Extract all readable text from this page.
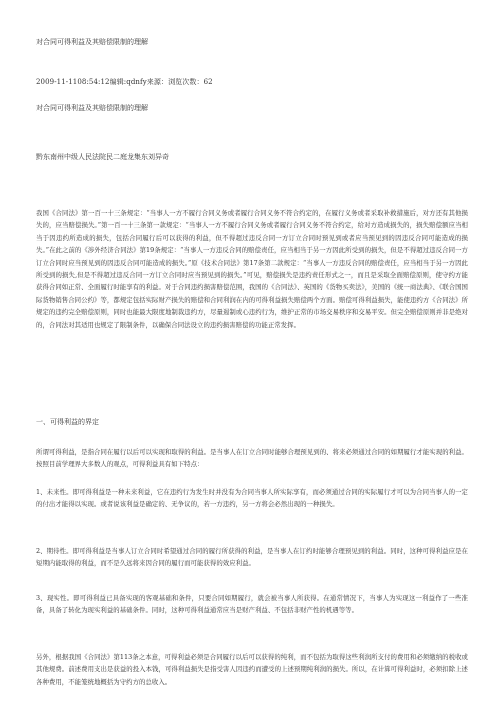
对合同可得利益及其赔偿限制的理解
2009-11-1108:54:12编辑:qdnfy来源：浏览次数：62
对合同可得利益及其赔偿限制的理解
黔东南州中级人民法院民二庭龙集东刘异奇
我国《合同法》第一百一十三条规定：“当事人一方不履行合同义务或者履行合同义务不符合约定的，在履行义务或者采取补救措施后，对方还有其他损失的，应当赔偿损失。”第一百一十三条第一款规定：“当事人一方不履行合同义务或者履行合同义务不符合约定，给对方造成损失的，损失赔偿额应当相当于因违约所造成的损失，包括合同履行后可以获得的利益，但不得超过违反合同一方订立合同时预见到或者应当预见到的因违反合同可能造成的损失。”在此之前的《涉外经济合同法》第19条规定：“当事人一方违反合同的赔偿责任，应当相当于另一方因此所受到的损失，但是不得超过违反合同一方订立合同时应当预见到的因违反合同可能造成的损失。”原《技术合同法》第17条第二款规定：“当事人一方违反合同的赔偿责任，应当相当于另一方因此所受到的损失,但是不得超过违反合同一方订立合同时应当预见到的损失。”可见，赔偿损失是违约责任形式之一，而且是采取全面赔偿原则，使守约方能获得合同如正常、全面履行时能享有的利益。对于合同违约损害赔偿范围，我国的《合同法》、英国的《货物买卖法》，美国的《统一商法典》、《联合国国际货物销售合同公约》等，都规定包括实际财产损失的赔偿和合同利润在内的可得利益损失赔偿两个方面。赔偿可得利益损失，能使违约方《合同法》所规定的违约完全赔偿原则，同时也能最大限度地制裁违约方，尽量遏制或心违约行为，维护正常的市场交易秩序和交易平安。但完全赔偿原则并非是绝对的，合同法对其适用也规定了限制条件，以确保合同法设立的违约损害赔偿的功能正常发挥。
一、可得利益的界定
所谓可得利益，是指合同在履行以后可以实现和取得的利益。是当事人在订立合同时能够合理预见到的、将来必须通过合同的如期履行才能实现的利益。按照目前学理界大多数人的观点，可得利益具有如下特点：
1、未来性。即可得利益是一种未来利益，它在违约行为发生时并没有为合同当事人所实际享有，而必须通过合同的实际履行才可以为合同当事人的一定的付出才能得以实现。或者说该利益是确定的、无争议的，若一方违约，另一方将会必然出现的一种损失。
2、期待性。即可得利益是当事人订立合同时希望通过合同的履行所获得的利益，是当事人在订约时能够合理预见到的利益。同时，这种可得利益应是在短期内能取得的利益，而不是久远将来因合同的履行而可能获得的效应利益。
3、现实性。即可得利益已具备实现的客观基础和条件，只要合同如期履行，就会被当事人所获得。在通常情况下，当事人为实现这一利益作了一些准备，具备了转化为现实利益的基础条件。同时，这种可得利益通常应当是财产利益、不包括非财产性的机遇等等。
另外，根据我国《合同法》第113条之本意，可得利益必须是合同履行以后可以获得的纯利，而不包括为取得这些利润所支付的费用和必须缴纳的税收或其他规费。前述费用支出是获益的投入本钱，可得利益损失是指受害人因违约而遭受的上述预期纯利润的损失。所以，在计算可得利益时，必须扣除上述各种费用，不能笼统地概括为守约方的总收入。
